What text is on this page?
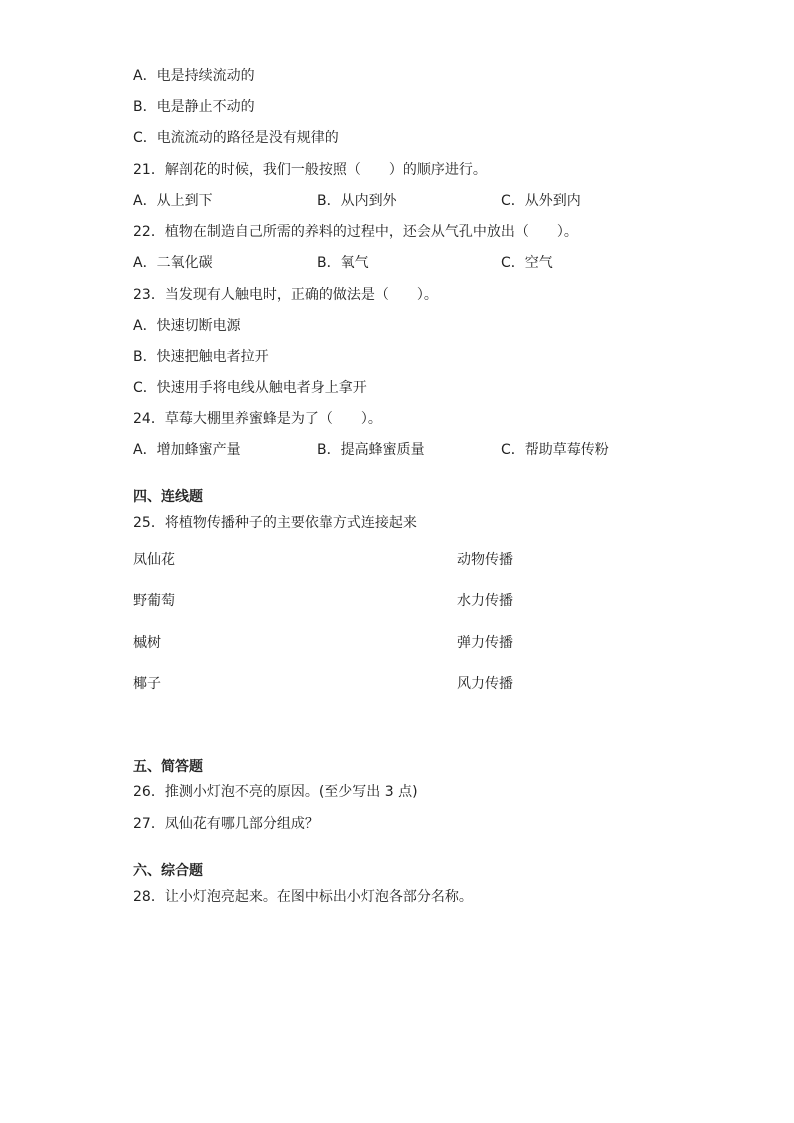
A．电是持续流动的
B．电是静止不动的
C．电流流动的路径是没有规律的
21．解剖花的时候，我们一般按照（　　）的顺序进行。
A．从上到下	B．从内到外	C．从外到内
22．植物在制造自己所需的养料的过程中，还会从气孔中放出（　　）。
A．二氧化碳	B．氧气	C．空气
23．当发现有人触电时，正确的做法是（　　）。
A．快速切断电源
B．快速把触电者拉开
C．快速用手将电线从触电者身上拿开
24．草莓大棚里养蜜蜂是为了（　　）。
A．增加蜂蜜产量	B．提高蜂蜜质量	C．帮助草莓传粉
四、连线题
25．将植物传播种子的主要依靠方式连接起来
凤仙花	动物传播
野葡萄	水力传播
槭树	弹力传播
椰子	风力传播
五、简答题
26．推测小灯泡不亮的原因。(至少写出 3 点)
27．凤仙花有哪几部分组成？
六、综合题
28．让小灯泡亮起来。在图中标出小灯泡各部分名称。
